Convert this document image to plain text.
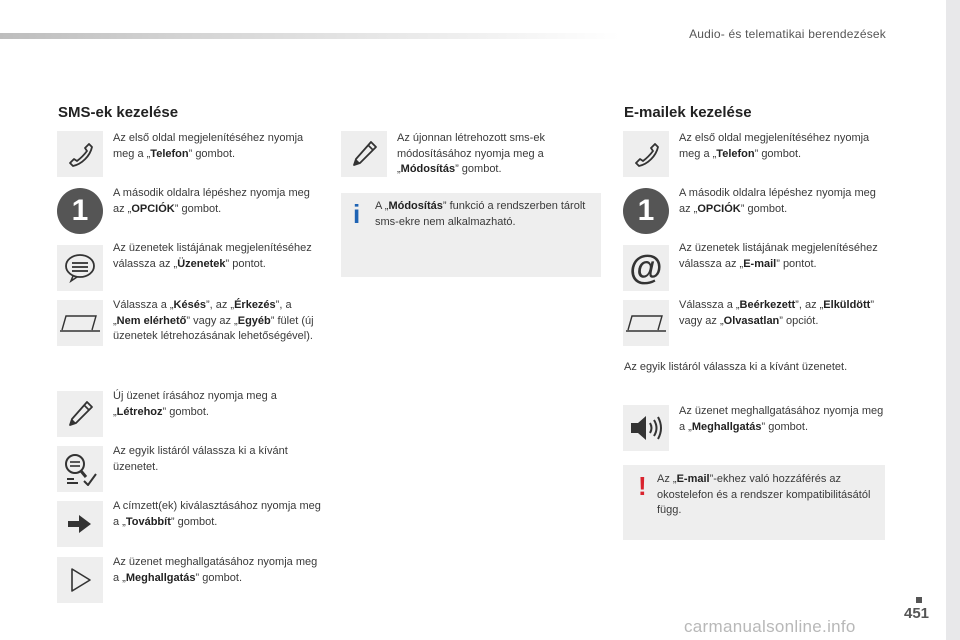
Audio- és telematikai berendezések
SMS-ek kezelése
Az első oldal megjelenítéséhez nyomja meg a „Telefon” gombot.
1
A második oldalra lépéshez nyomja meg az „OPCIÓK” gombot.
Az üzenetek listájának megjelenítéséhez válassza az „Üzenetek” pontot.
Válassza a „Késés”, az „Érkezés”, a „Nem elérhető” vagy az „Egyéb” fület (új üzenetek létrehozásának lehetőségével).
Új üzenet írásához nyomja meg a „Létrehoz” gombot.
Az egyik listáról válassza ki a kívánt üzenetet.
A címzett(ek) kiválasztásához nyomja meg a „Továbbít” gombot.
Az üzenet meghallgatásához nyomja meg a „Meghallgatás” gombot.
Az újonnan létrehozott sms-ek módosításához nyomja meg a „Módosítás” gombot.
i A „Módosítás” funkció a rendszerben tárolt sms-ekre nem alkalmazható.
E-mailek kezelése
Az első oldal megjelenítéséhez nyomja meg a „Telefon” gombot.
1
A második oldalra lépéshez nyomja meg az „OPCIÓK” gombot.
@
Az üzenetek listájának megjelenítéséhez válassza az „E-mail” pontot.
Válassza a „Beérkezett”, az „Elküldött” vagy az „Olvasatlan” opciót.
Az egyik listáról válassza ki a kívánt üzenetet.
Az üzenet meghallgatásához nyomja meg a „Meghallgatás” gombot.
! Az „E-mail”-ekhez való hozzáférés az okostelefon és a rendszer kompatibilitásától függ.
451
carmanualsonline.info
